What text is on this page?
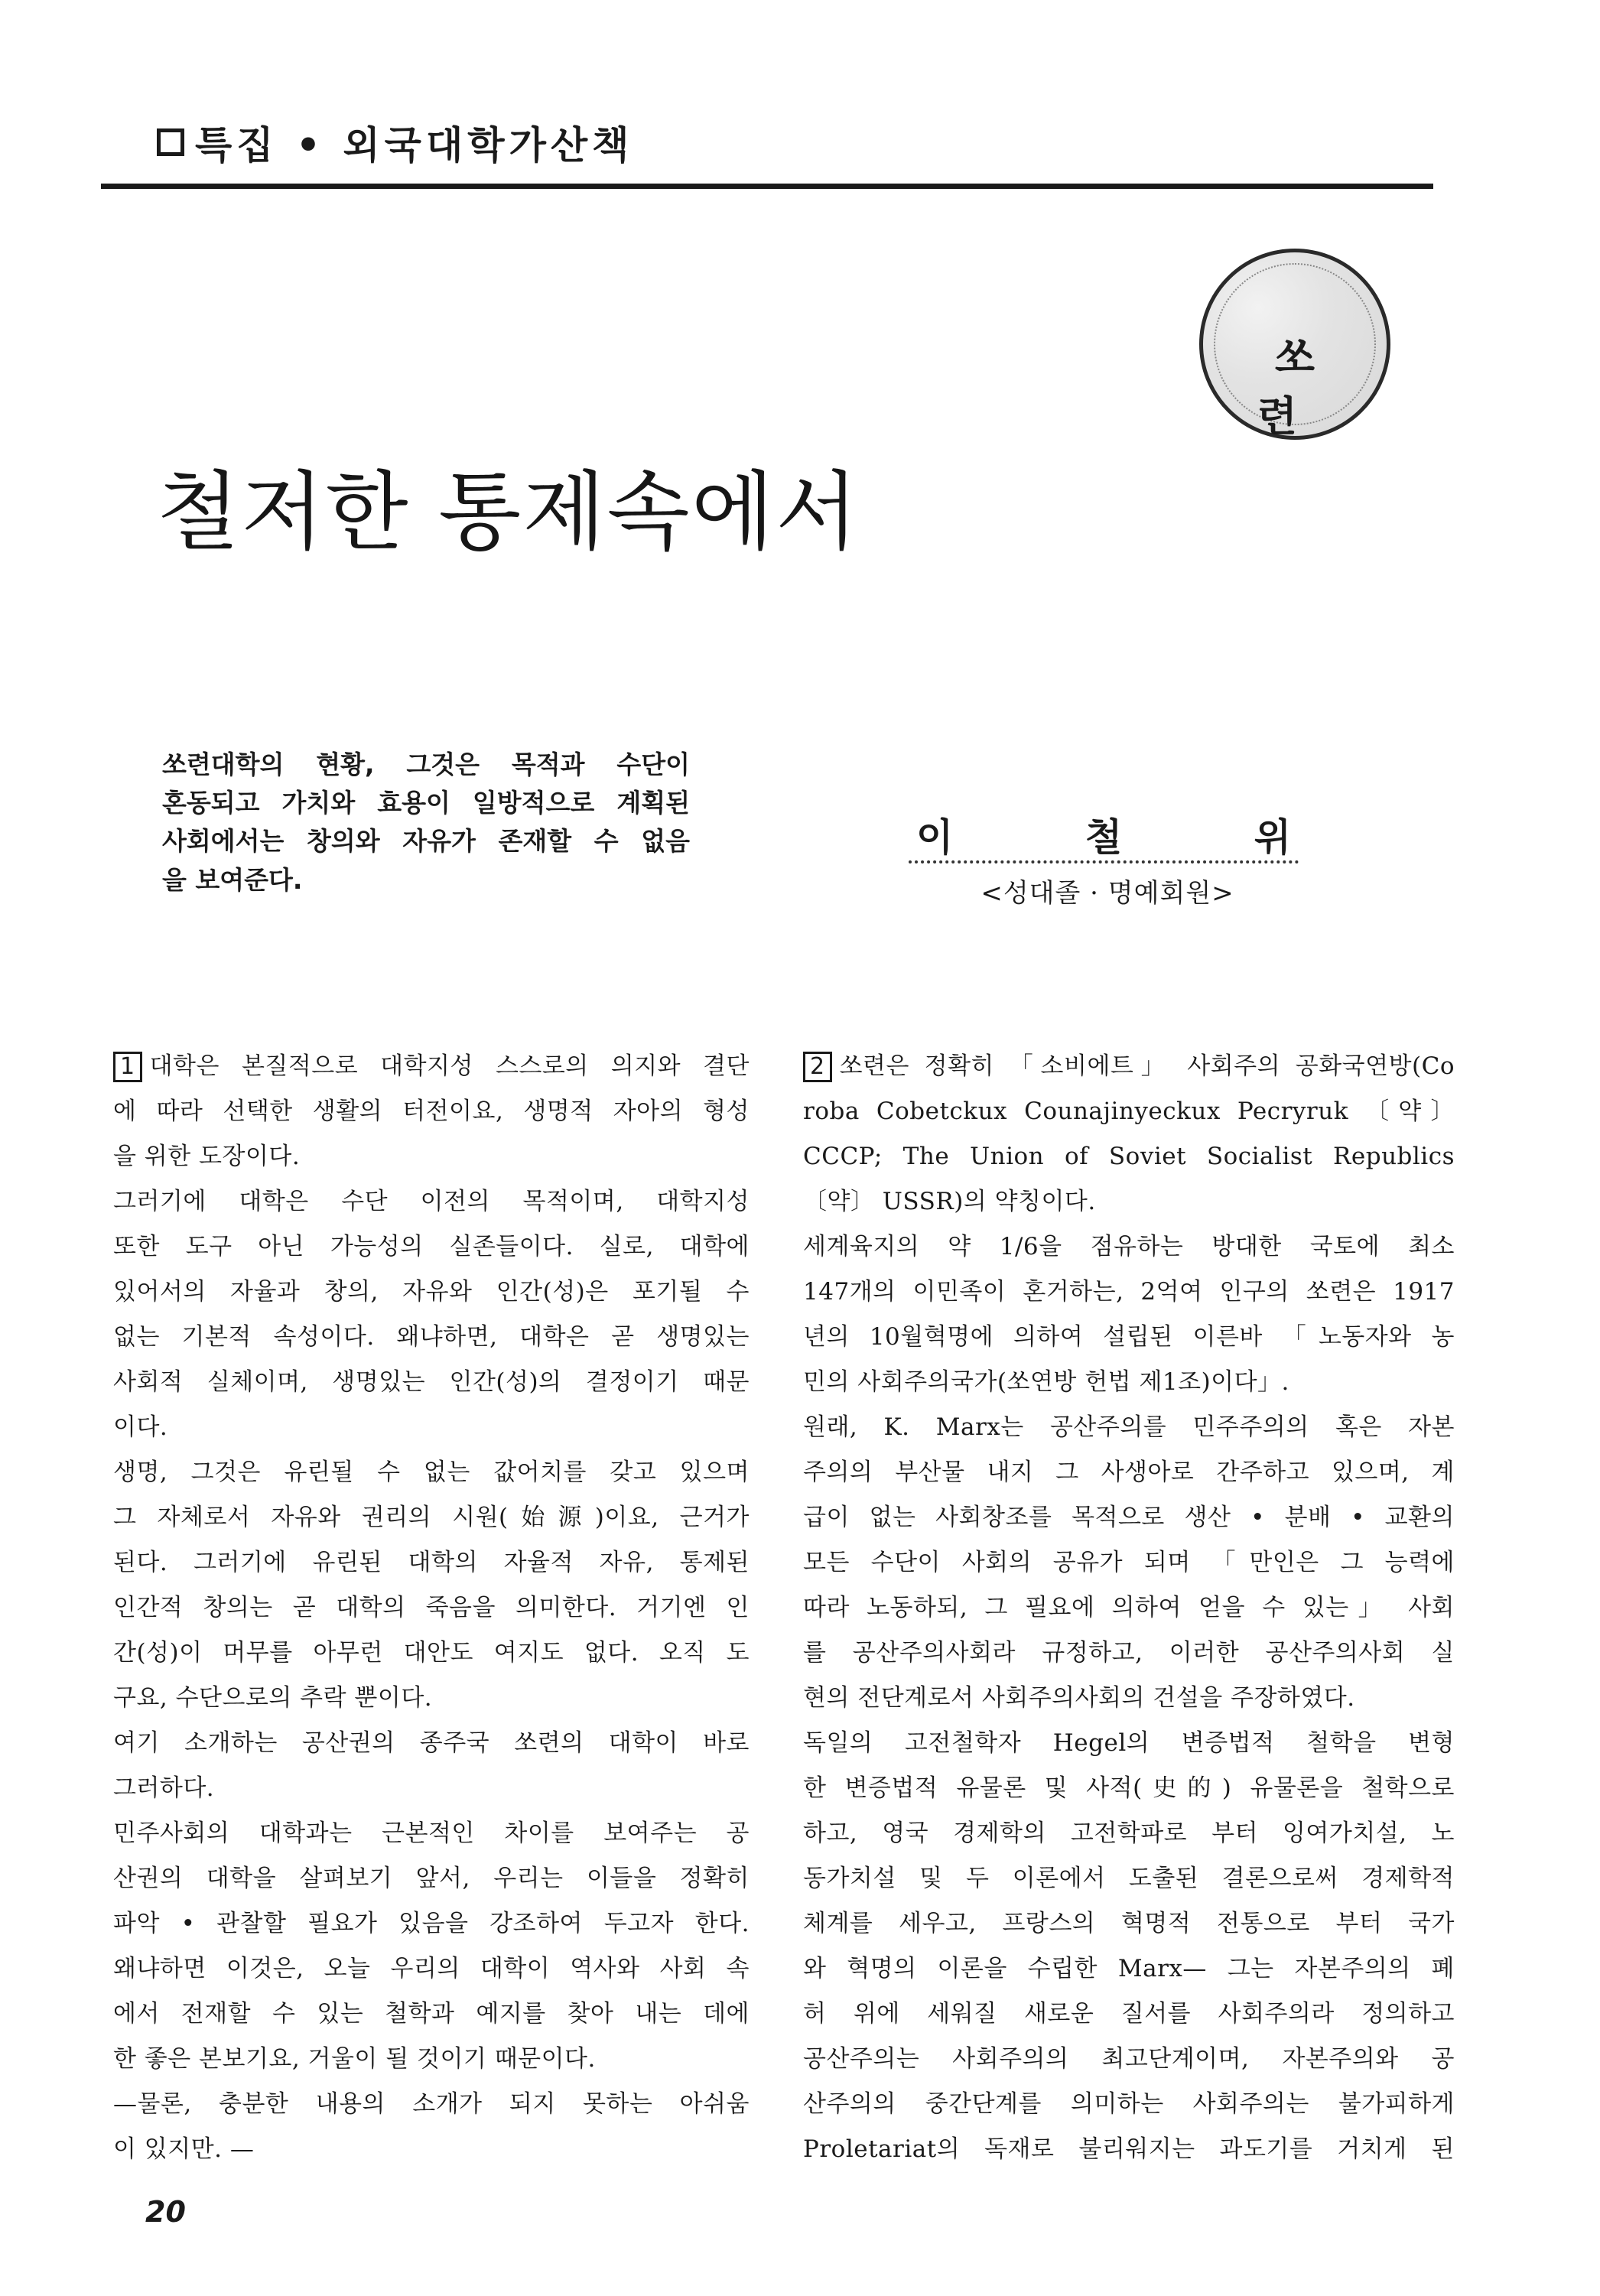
특집 • 외국대학가산책
쏘련
철저한 통제속에서
쏘련대학의 현황, 그것은 목적과 수단이
혼동되고 가치와 효용이 일방적으로 계획된
사회에서는 창의와 자유가 존재할 수 없음
을 보여준다.
이	철	위
<성대졸 · 명예회원>

1 대학은 본질적으로 대학지성 스스로의 의지와 결단

에 따라 선택한 생활의 터전이요, 생명적 자아의 형성

을 위한 도장이다.

그러기에 대학은 수단 이전의 목적이며, 대학지성

또한 도구 아닌 가능성의 실존들이다. 실로, 대학에

있어서의 자율과 창의, 자유와 인간(성)은 포기될 수

없는 기본적 속성이다. 왜냐하면, 대학은 곧 생명있는

사회적 실체이며, 생명있는 인간(성)의 결정이기 때문

이다.

생명, 그것은 유린될 수 없는 값어치를 갖고 있으며

그 자체로서 자유와 권리의 시원(始源)이요, 근거가

된다. 그러기에 유린된 대학의 자율적 자유, 통제된

인간적 창의는 곧 대학의 죽음을 의미한다. 거기엔 인

간(성)이 머무를 아무런 대안도 여지도 없다. 오직 도

구요, 수단으로의 추락 뿐이다.

여기 소개하는 공산권의 종주국 쏘련의 대학이 바로

그러하다.

민주사회의 대학과는 근본적인 차이를 보여주는 공

산권의 대학을 살펴보기 앞서, 우리는 이들을 정확히

파악 • 관찰할 필요가 있음을 강조하여 두고자 한다.

왜냐하면 이것은, 오늘 우리의 대학이 역사와 사회 속

에서 전재할 수 있는 철학과 예지를 찾아 내는 데에

한 좋은 본보기요, 거울이 될 것이기 때문이다.

—물론, 충분한 내용의 소개가 되지 못하는 아쉬움

이 있지만. —

2 쏘련은 정확히 「소비에트」 사회주의 공화국연방(Co

roba Cobetckux Counajinyeckux Pecryruk 〔약〕

CCCP; The Union of Soviet Socialist Republics

〔약〕 USSR)의 약칭이다.

세계육지의 약 1/6을 점유하는 방대한 국토에 최소

147개의 이민족이 혼거하는, 2억여 인구의 쏘련은 1917

년의 10월혁명에 의하여 설립된 이른바 「노동자와 농

민의 사회주의국가(쏘연방 헌법 제1조)이다」.

원래, K. Marx는 공산주의를 민주주의의 혹은 자본

주의의 부산물 내지 그 사생아로 간주하고 있으며, 계

급이 없는 사회창조를 목적으로 생산 • 분배 • 교환의

모든 수단이 사회의 공유가 되며 「만인은 그 능력에

따라 노동하되, 그 필요에 의하여 얻을 수 있는」 사회

를 공산주의사회라 규정하고, 이러한 공산주의사회 실

현의 전단계로서 사회주의사회의 건설을 주장하였다.

독일의 고전철학자 Hegel의 변증법적 철학을 변형

한 변증법적 유물론 및 사적(史的) 유물론을 철학으로

하고, 영국 경제학의 고전학파로 부터 잉여가치설, 노

동가치설 및 두 이론에서 도출된 결론으로써 경제학적

체계를 세우고, 프랑스의 혁명적 전통으로 부터 국가

와 혁명의 이론을 수립한 Marx— 그는 자본주의의 폐

허 위에 세워질 새로운 질서를 사회주의라 정의하고

공산주의는 사회주의의 최고단계이며, 자본주의와 공

산주의의 중간단계를 의미하는 사회주의는 불가피하게

Proletariat의 독재로 불리워지는 과도기를 거치게 된

20
